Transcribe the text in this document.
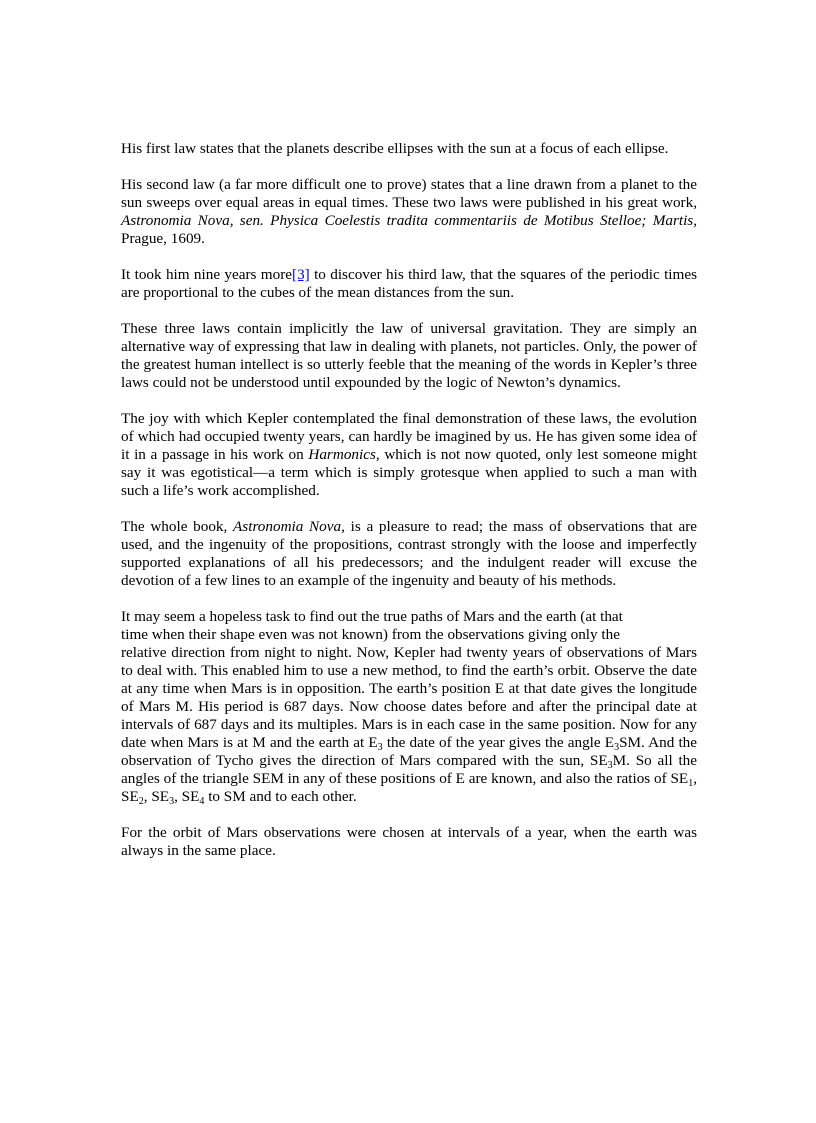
His first law states that the planets describe ellipses with the sun at a focus of each ellipse.

His second law (a far more difficult one to prove) states that a line drawn from a planet to the sun sweeps over equal areas in equal times. These two laws were published in his great work, Astronomia Nova, sen. Physica Coelestis tradita commentariis de Motibus Stelloe; Martis, Prague, 1609.

It took him nine years more[3] to discover his third law, that the squares of the periodic times are proportional to the cubes of the mean distances from the sun.

These three laws contain implicitly the law of universal gravitation. They are simply an alternative way of expressing that law in dealing with planets, not particles. Only, the power of the greatest human intellect is so utterly feeble that the meaning of the words in Kepler’s three laws could not be understood until expounded by the logic of Newton’s dynamics.

The joy with which Kepler contemplated the final demonstration of these laws, the evolution of which had occupied twenty years, can hardly be imagined by us. He has given some idea of it in a passage in his work on Harmonics, which is not now quoted, only lest someone might say it was egotistical—a term which is simply grotesque when applied to such a man with such a life’s work accomplished.

The whole book, Astronomia Nova, is a pleasure to read; the mass of observations that are used, and the ingenuity of the propositions, contrast strongly with the loose and imperfectly supported explanations of all his predecessors; and the indulgent reader will excuse the devotion of a few lines to an example of the ingenuity and beauty of his methods.

It may seem a hopeless task to find out the true paths of Mars and the earth (at that

time when their shape even was not known) from the observations giving only the

relative direction from night to night. Now, Kepler had twenty years of observations of Mars to deal with. This enabled him to use a new method, to find the earth’s orbit. Observe the date at any time when Mars is in opposition. The earth’s position E at that date gives the longitude of Mars M. His period is 687 days. Now choose dates before and after the principal date at intervals of 687 days and its multiples. Mars is in each case in the same position. Now for any date when Mars is at M and the earth at $E_3$ the date of the year gives the angle $E_3SM$. And the observation of Tycho gives the direction of Mars compared with the sun, $SE_3M$. So all the angles of the triangle SEM in any of these positions of E are known, and also the ratios of $SE_1$, $SE_2$, $SE_3$, $SE_4$ to SM and to each other.

For the orbit of Mars observations were chosen at intervals of a year, when the earth was always in the same place.
